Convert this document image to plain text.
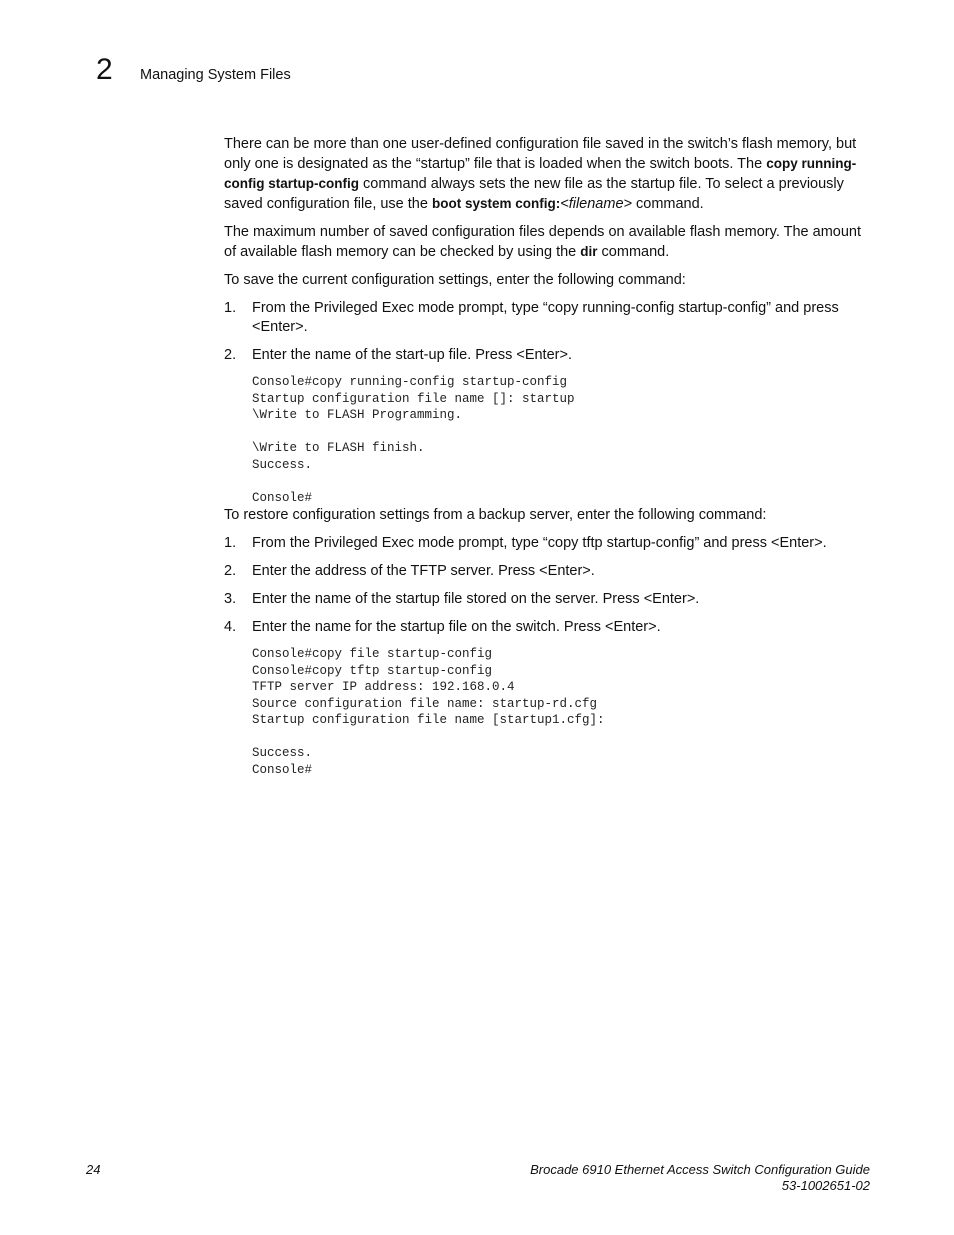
2 Managing System Files

There can be more than one user-defined configuration file saved in the switch’s flash memory, but only one is designated as the “startup” file that is loaded when the switch boots. The copy running-config startup-config command always sets the new file as the startup file. To select a previously saved configuration file, use the boot system config:<filename> command.

The maximum number of saved configuration files depends on available flash memory. The amount of available flash memory can be checked by using the dir command.

To save the current configuration settings, enter the following command:

1. From the Privileged Exec mode prompt, type “copy running-config startup-config” and press <Enter>.
2. Enter the name of the start-up file. Press <Enter>.
Console#copy running-config startup-config
Startup configuration file name []: startup
\Write to FLASH Programming.

\Write to FLASH finish.
Success.

Console#

To restore configuration settings from a backup server, enter the following command:

1. From the Privileged Exec mode prompt, type “copy tftp startup-config” and press <Enter>.
2. Enter the address of the TFTP server. Press <Enter>.
3. Enter the name of the startup file stored on the server. Press <Enter>.
4. Enter the name for the startup file on the switch. Press <Enter>.
Console#copy file startup-config
Console#copy tftp startup-config
TFTP server IP address: 192.168.0.4
Source configuration file name: startup-rd.cfg
Startup configuration file name [startup1.cfg]:

Success.
Console#
24	Brocade 6910 Ethernet Access Switch Configuration Guide
53-1002651-02
